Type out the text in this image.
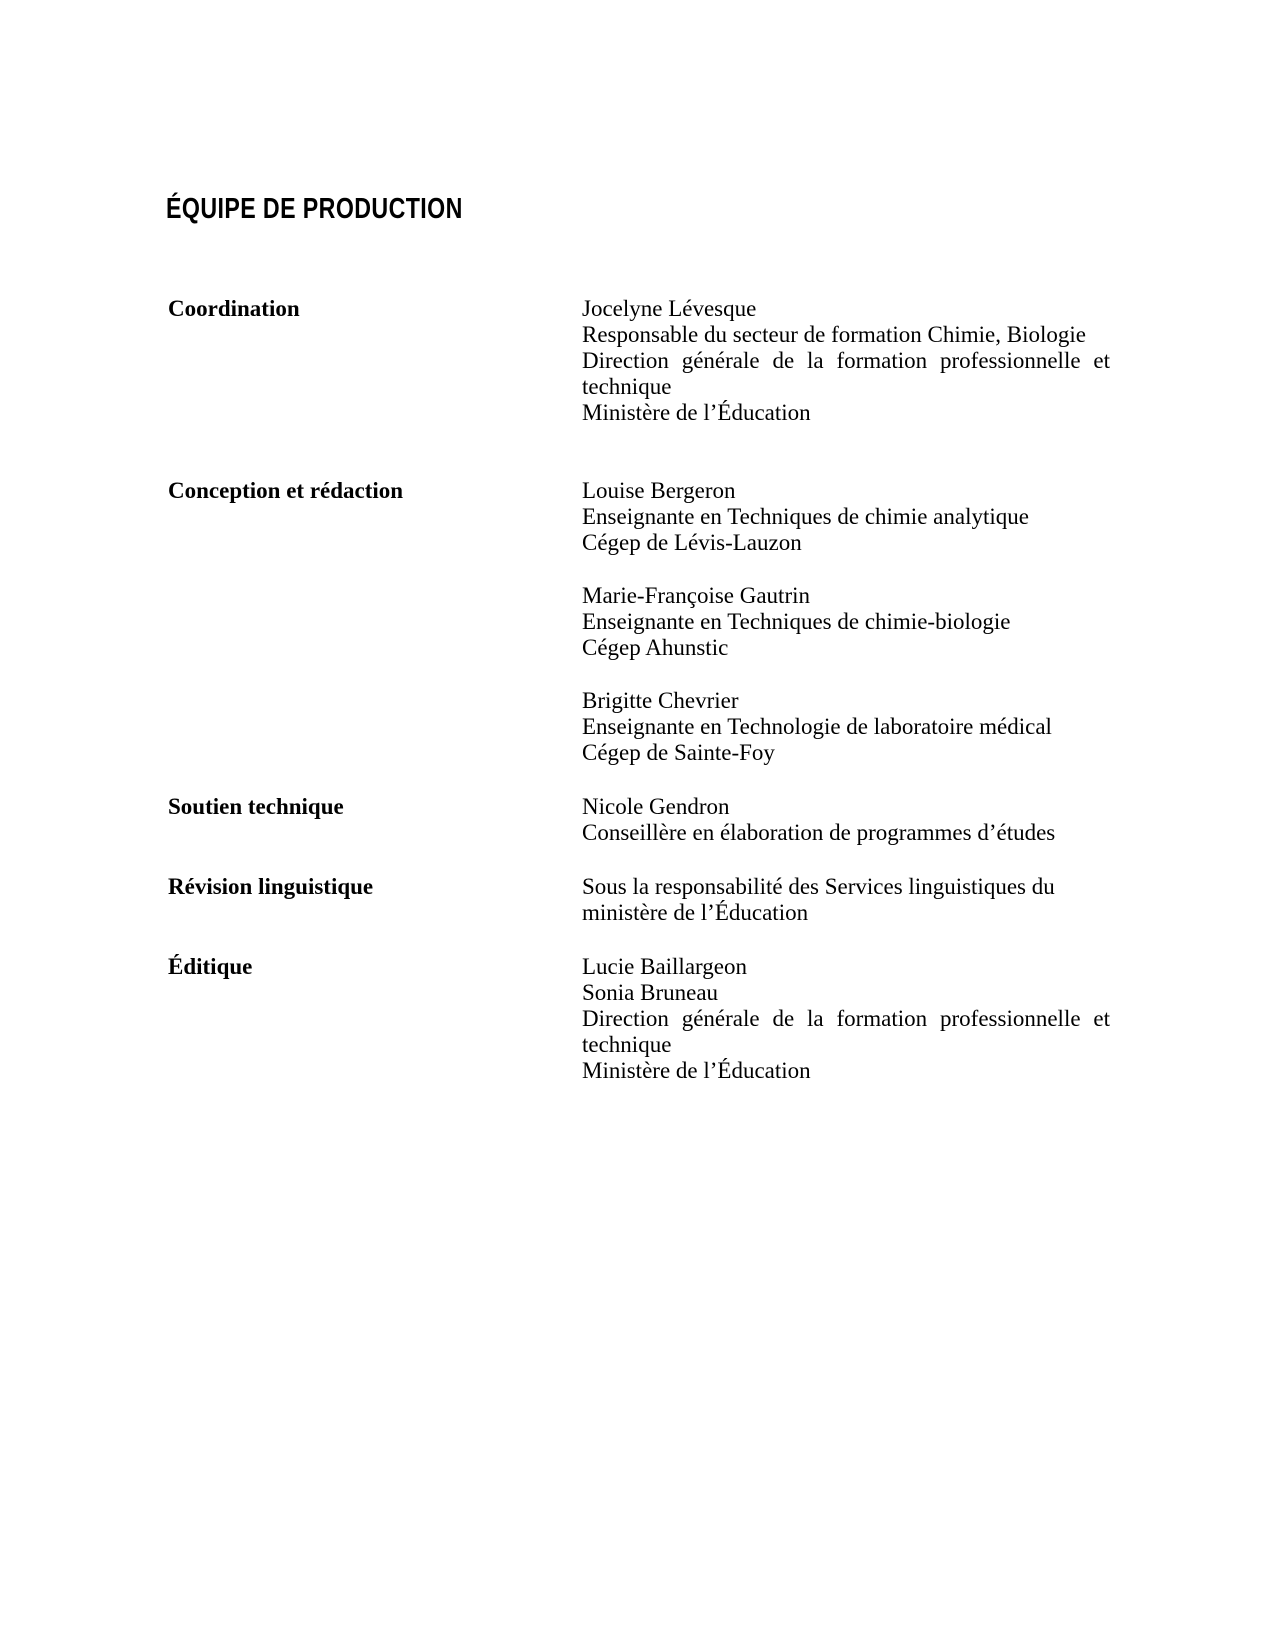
ÉQUIPE DE PRODUCTION
Coordination	Jocelyne Lévesque

Responsable du secteur de formation Chimie, Biologie

Direction générale de la formation professionnelle et

technique

Ministère de l’Éducation

Conception et rédaction	Louise Bergeron

Enseignante en Techniques de chimie analytique

Cégep de Lévis-Lauzon

Marie-Françoise Gautrin

Enseignante en Techniques de chimie-biologie

Cégep Ahunstic

Brigitte Chevrier

Enseignante en Technologie de laboratoire médical

Cégep de Sainte-Foy

Soutien technique	Nicole Gendron

Conseillère en élaboration de programmes d’études

Révision linguistique	Sous la responsabilité des Services linguistiques du

ministère de l’Éducation

Éditique	Lucie Baillargeon

Sonia Bruneau

Direction générale de la formation professionnelle et

technique

Ministère de l’Éducation
